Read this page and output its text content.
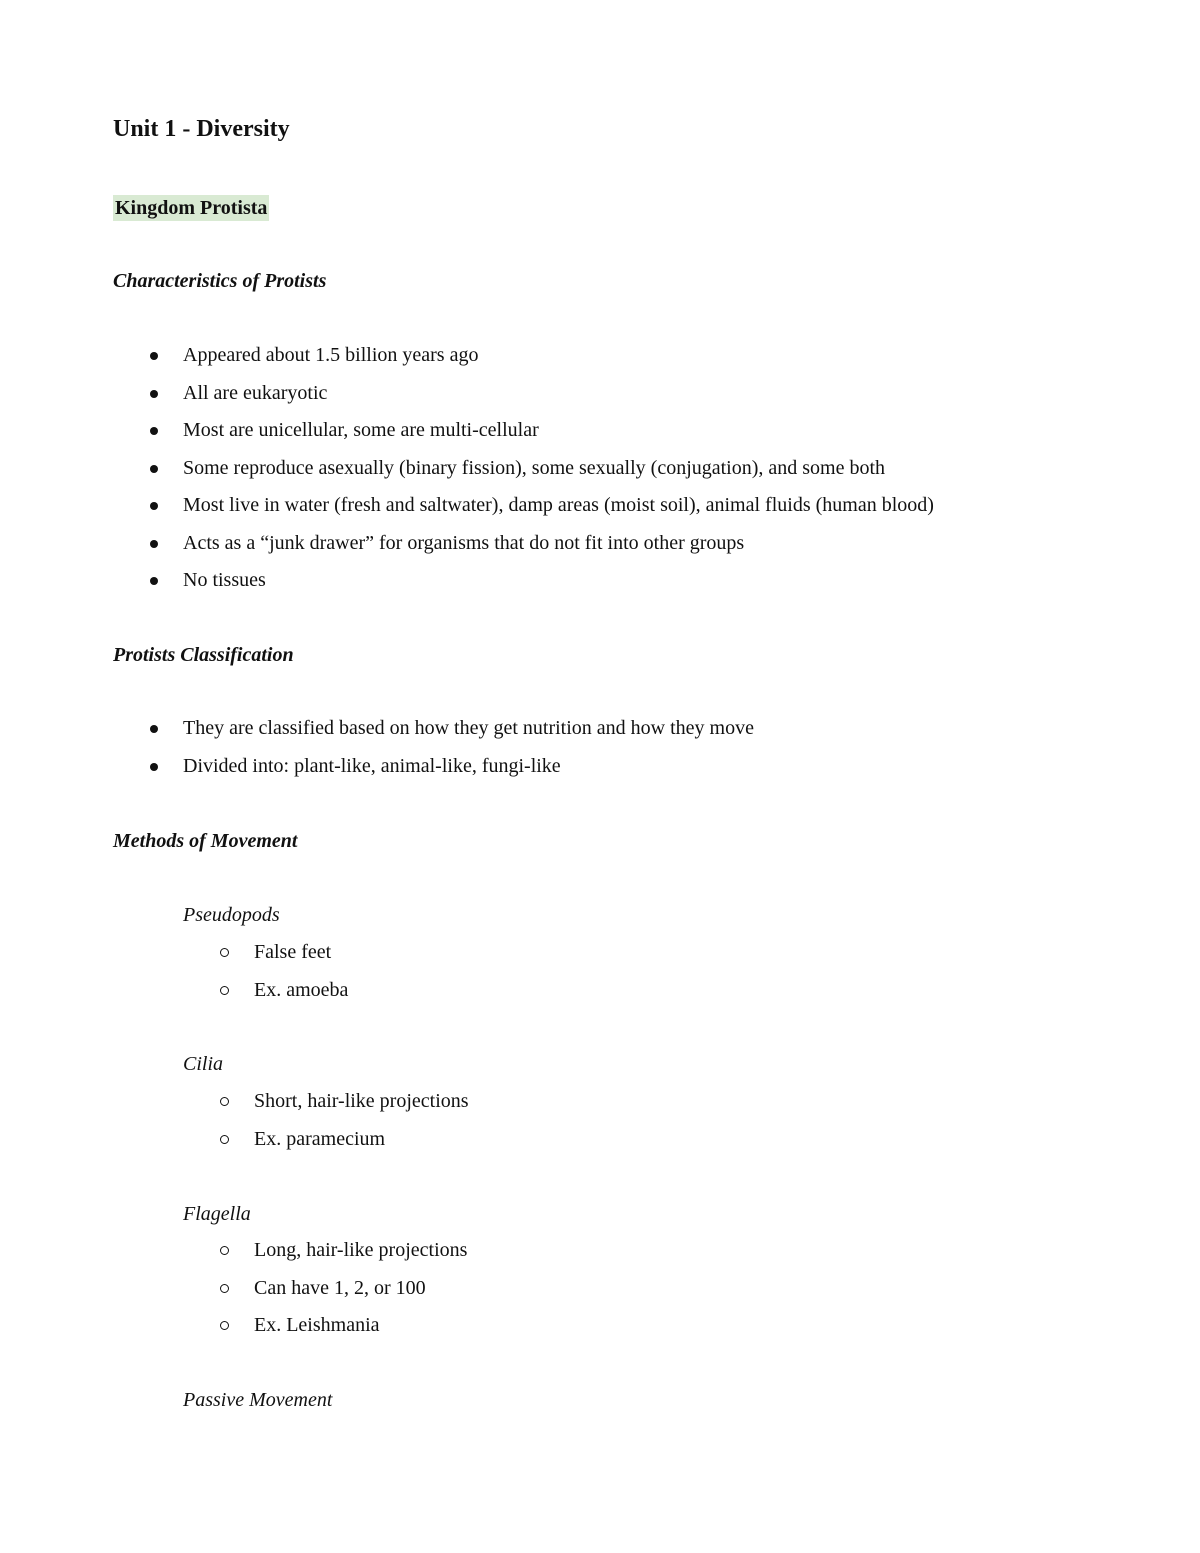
Unit 1 - Diversity
Kingdom Protista
Characteristics of Protists
Appeared about 1.5 billion years ago
All are eukaryotic
Most are unicellular, some are multi-cellular
Some reproduce asexually (binary fission), some sexually (conjugation), and some both
Most live in water (fresh and saltwater), damp areas (moist soil), animal fluids (human blood)
Acts as a “junk drawer” for organisms that do not fit into other groups
No tissues
Protists Classification
They are classified based on how they get nutrition and how they move
Divided into: plant-like, animal-like, fungi-like
Methods of Movement
Pseudopods
False feet
Ex. amoeba
Cilia
Short, hair-like projections
Ex. paramecium
Flagella
Long, hair-like projections
Can have 1, 2, or 100
Ex. Leishmania
Passive Movement
